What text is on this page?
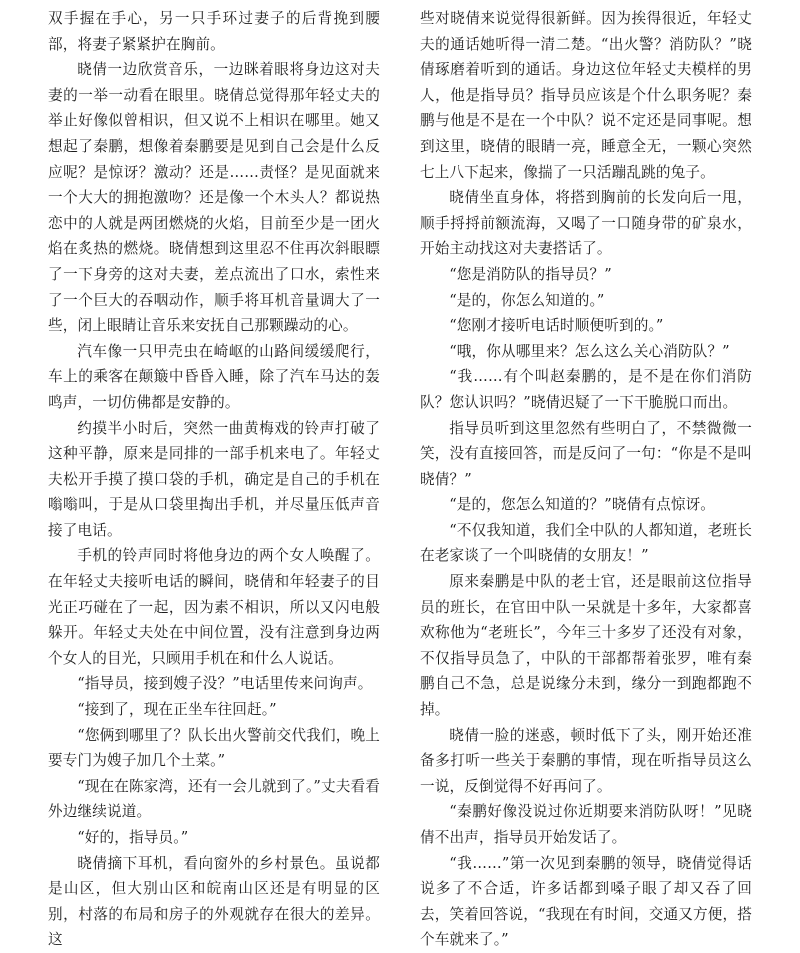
双手握在手心，另一只手环过妻子的后背挽到腰部，将妻子紧紧护在胸前。

晓倩一边欣赏音乐，一边眯着眼将身边这对夫妻的一举一动看在眼里。晓倩总觉得那年轻丈夫的举止好像似曾相识，但又说不上相识在哪里。她又想起了秦鹏，想像着秦鹏要是见到自己会是什么反应呢？是惊讶？激动？还是……责怪？是见面就来一个大大的拥抱激吻？还是像一个木头人？都说热恋中的人就是两团燃烧的火焰，目前至少是一团火焰在炙热的燃烧。晓倩想到这里忍不住再次斜眼瞟了一下身旁的这对夫妻，差点流出了口水，索性来了一个巨大的吞咽动作，顺手将耳机音量调大了一些，闭上眼睛让音乐来安抚自己那颗躁动的心。

汽车像一只甲壳虫在崎岖的山路间缓缓爬行，车上的乘客在颠簸中昏昏入睡，除了汽车马达的轰鸣声，一切仿佛都是安静的。

约摸半小时后，突然一曲黄梅戏的铃声打破了这种平静，原来是同排的一部手机来电了。年轻丈夫松开手摸了摸口袋的手机，确定是自己的手机在嗡嗡叫，于是从口袋里掏出手机，并尽量压低声音接了电话。

手机的铃声同时将他身边的两个女人唤醒了。在年轻丈夫接听电话的瞬间，晓倩和年轻妻子的目光正巧碰在了一起，因为素不相识，所以又闪电般躲开。年轻丈夫处在中间位置，没有注意到身边两个女人的目光，只顾用手机在和什么人说话。

“指导员，接到嫂子没？”电话里传来问询声。

“接到了，现在正坐车往回赶。”

“您俩到哪里了？队长出火警前交代我们，晚上要专门为嫂子加几个土菜。”

“现在在陈家湾，还有一会儿就到了。”丈夫看看外边继续说道。

“好的，指导员。”

晓倩摘下耳机，看向窗外的乡村景色。虽说都是山区，但大别山区和皖南山区还是有明显的区别，村落的布局和房子的外观就存在很大的差异。这

些对晓倩来说觉得很新鲜。因为挨得很近，年轻丈夫的通话她听得一清二楚。“出火警？消防队？”晓倩琢磨着听到的通话。身边这位年轻丈夫模样的男人，他是指导员？指导员应该是个什么职务呢？秦鹏与他是不是在一个中队？说不定还是同事呢。想到这里，晓倩的眼睛一亮，睡意全无，一颗心突然七上八下起来，像揣了一只活蹦乱跳的兔子。

晓倩坐直身体，将搭到胸前的长发向后一甩，顺手捋捋前额流海，又喝了一口随身带的矿泉水，开始主动找这对夫妻搭话了。

“您是消防队的指导员？”

“是的，你怎么知道的。”

“您刚才接听电话时顺便听到的。”

“哦，你从哪里来？怎么这么关心消防队？”

“我……有个叫赵秦鹏的，是不是在你们消防队？您认识吗？”晓倩迟疑了一下干脆脱口而出。

指导员听到这里忽然有些明白了，不禁微微一笑，没有直接回答，而是反问了一句：“你是不是叫晓倩？”

“是的，您怎么知道的？”晓倩有点惊讶。

“不仅我知道，我们全中队的人都知道，老班长在老家谈了一个叫晓倩的女朋友！”

原来秦鹏是中队的老士官，还是眼前这位指导员的班长，在官田中队一呆就是十多年，大家都喜欢称他为“老班长”，今年三十多岁了还没有对象，不仅指导员急了，中队的干部都帮着张罗，唯有秦鹏自己不急，总是说缘分未到，缘分一到跑都跑不掉。

晓倩一脸的迷惑，顿时低下了头，刚开始还准备多打听一些关于秦鹏的事情，现在听指导员这么一说，反倒觉得不好再问了。

“秦鹏好像没说过你近期要来消防队呀！”见晓倩不出声，指导员开始发话了。

“我……”第一次见到秦鹏的领导，晓倩觉得话说多了不合适，许多话都到嗓子眼了却又吞了回去，笑着回答说，“我现在有时间，交通又方便，搭个车就来了。”
